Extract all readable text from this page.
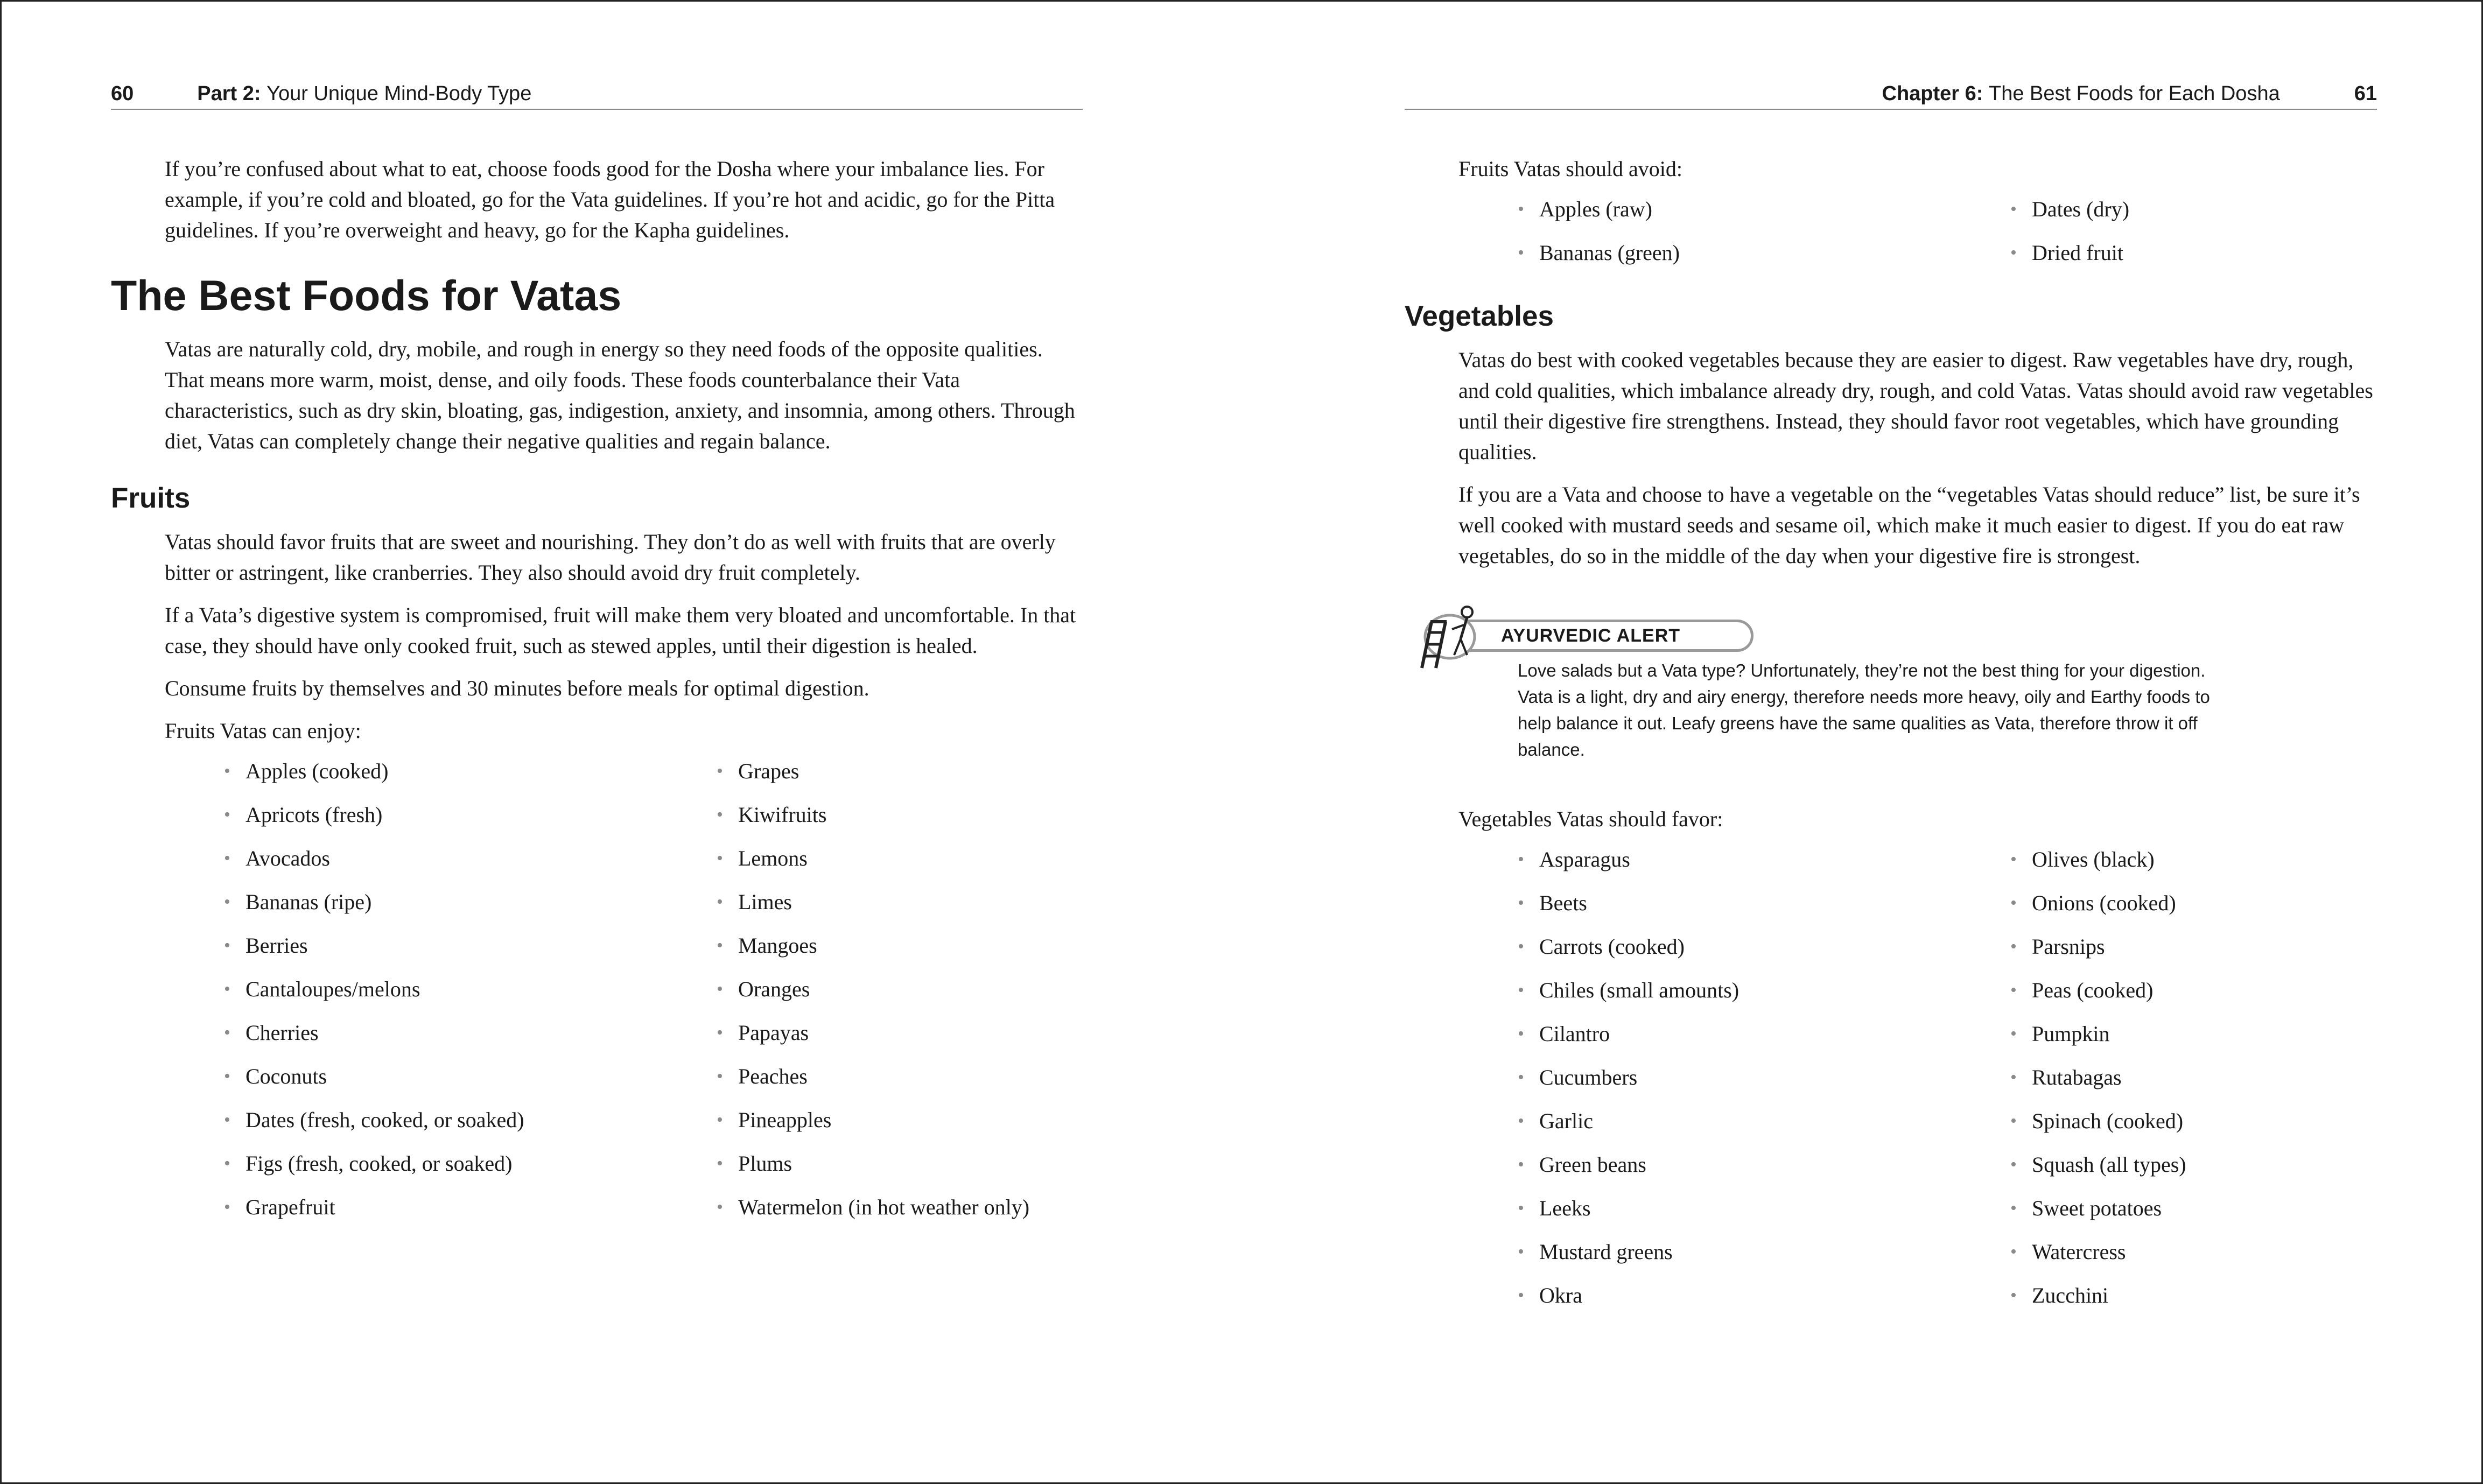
60	Part 2:
Your Unique Mind-Body Type

If you’re confused about what to eat, choose foods good for the Dosha where your imbalance lies. For example, if you’re cold and bloated, go for the Vata guidelines. If you’re hot and acidic, go for the Pitta guidelines. If you’re overweight and heavy, go for the Kapha guidelines.

The Best Foods for Vatas

Vatas are naturally cold, dry, mobile, and rough in energy so they need foods of the opposite qualities. That means more warm, moist, dense, and oily foods. These foods counterbalance their Vata characteristics, such as dry skin, bloating, gas, indigestion, anxiety, and insomnia, among others. Through diet, Vatas can completely change their negative qualities and regain balance.

Fruits

Vatas should favor fruits that are sweet and nourishing. They don’t do as well with fruits that are overly bitter or astringent, like cranberries. They also should avoid dry fruit completely.

If a Vata’s digestive system is compromised, fruit will make them very bloated and uncomfortable. In that case, they should have only cooked fruit, such as stewed apples, until their digestion is healed.

Consume fruits by themselves and 30 minutes before meals for optimal digestion.

Fruits Vatas can enjoy:

• Apples (cooked)
• Apricots (fresh)
• Avocados
• Bananas (ripe)
• Berries
• Cantaloupes/melons
• Cherries
• Coconuts
• Dates (fresh, cooked, or soaked)
• Figs (fresh, cooked, or soaked)
• Grapefruit
• Grapes
• Kiwifruits
• Lemons
• Limes
• Mangoes
• Oranges
• Papayas
• Peaches
• Pineapples
• Plums
• Watermelon (in hot weather only)
Chapter 6:
The Best Foods for Each Dosha	61

Fruits Vatas should avoid:

• Apples (raw)
• Bananas (green)
• Dates (dry)
• Dried fruit
Vegetables

Vatas do best with cooked vegetables because they are easier to digest. Raw vegetables have dry, rough, and cold qualities, which imbalance already dry, rough, and cold Vatas. Vatas should avoid raw vegetables until their digestive fire strengthens. Instead, they should favor root vegetables, which have grounding qualities.

If you are a Vata and choose to have a vegetable on the “vegetables Vatas should reduce” list, be sure it’s well cooked with mustard seeds and sesame oil, which make it much easier to digest. If you do eat raw vegetables, do so in the middle of the day when your digestive fire is strongest.

AYURVEDIC ALERT

Love salads but a Vata type? Unfortunately, they’re not the best thing for your digestion. Vata is a light, dry and airy energy, therefore needs more heavy, oily and Earthy foods to help balance it out. Leafy greens have the same qualities as Vata, therefore throw it off balance.

Vegetables Vatas should favor:

• Asparagus
• Beets
• Carrots (cooked)
• Chiles (small amounts)
• Cilantro
• Cucumbers
• Garlic
• Green beans
• Leeks
• Mustard greens
• Okra
• Olives (black)
• Onions (cooked)
• Parsnips
• Peas (cooked)
• Pumpkin
• Rutabagas
• Spinach (cooked)
• Squash (all types)
• Sweet potatoes
• Watercress
• Zucchini
